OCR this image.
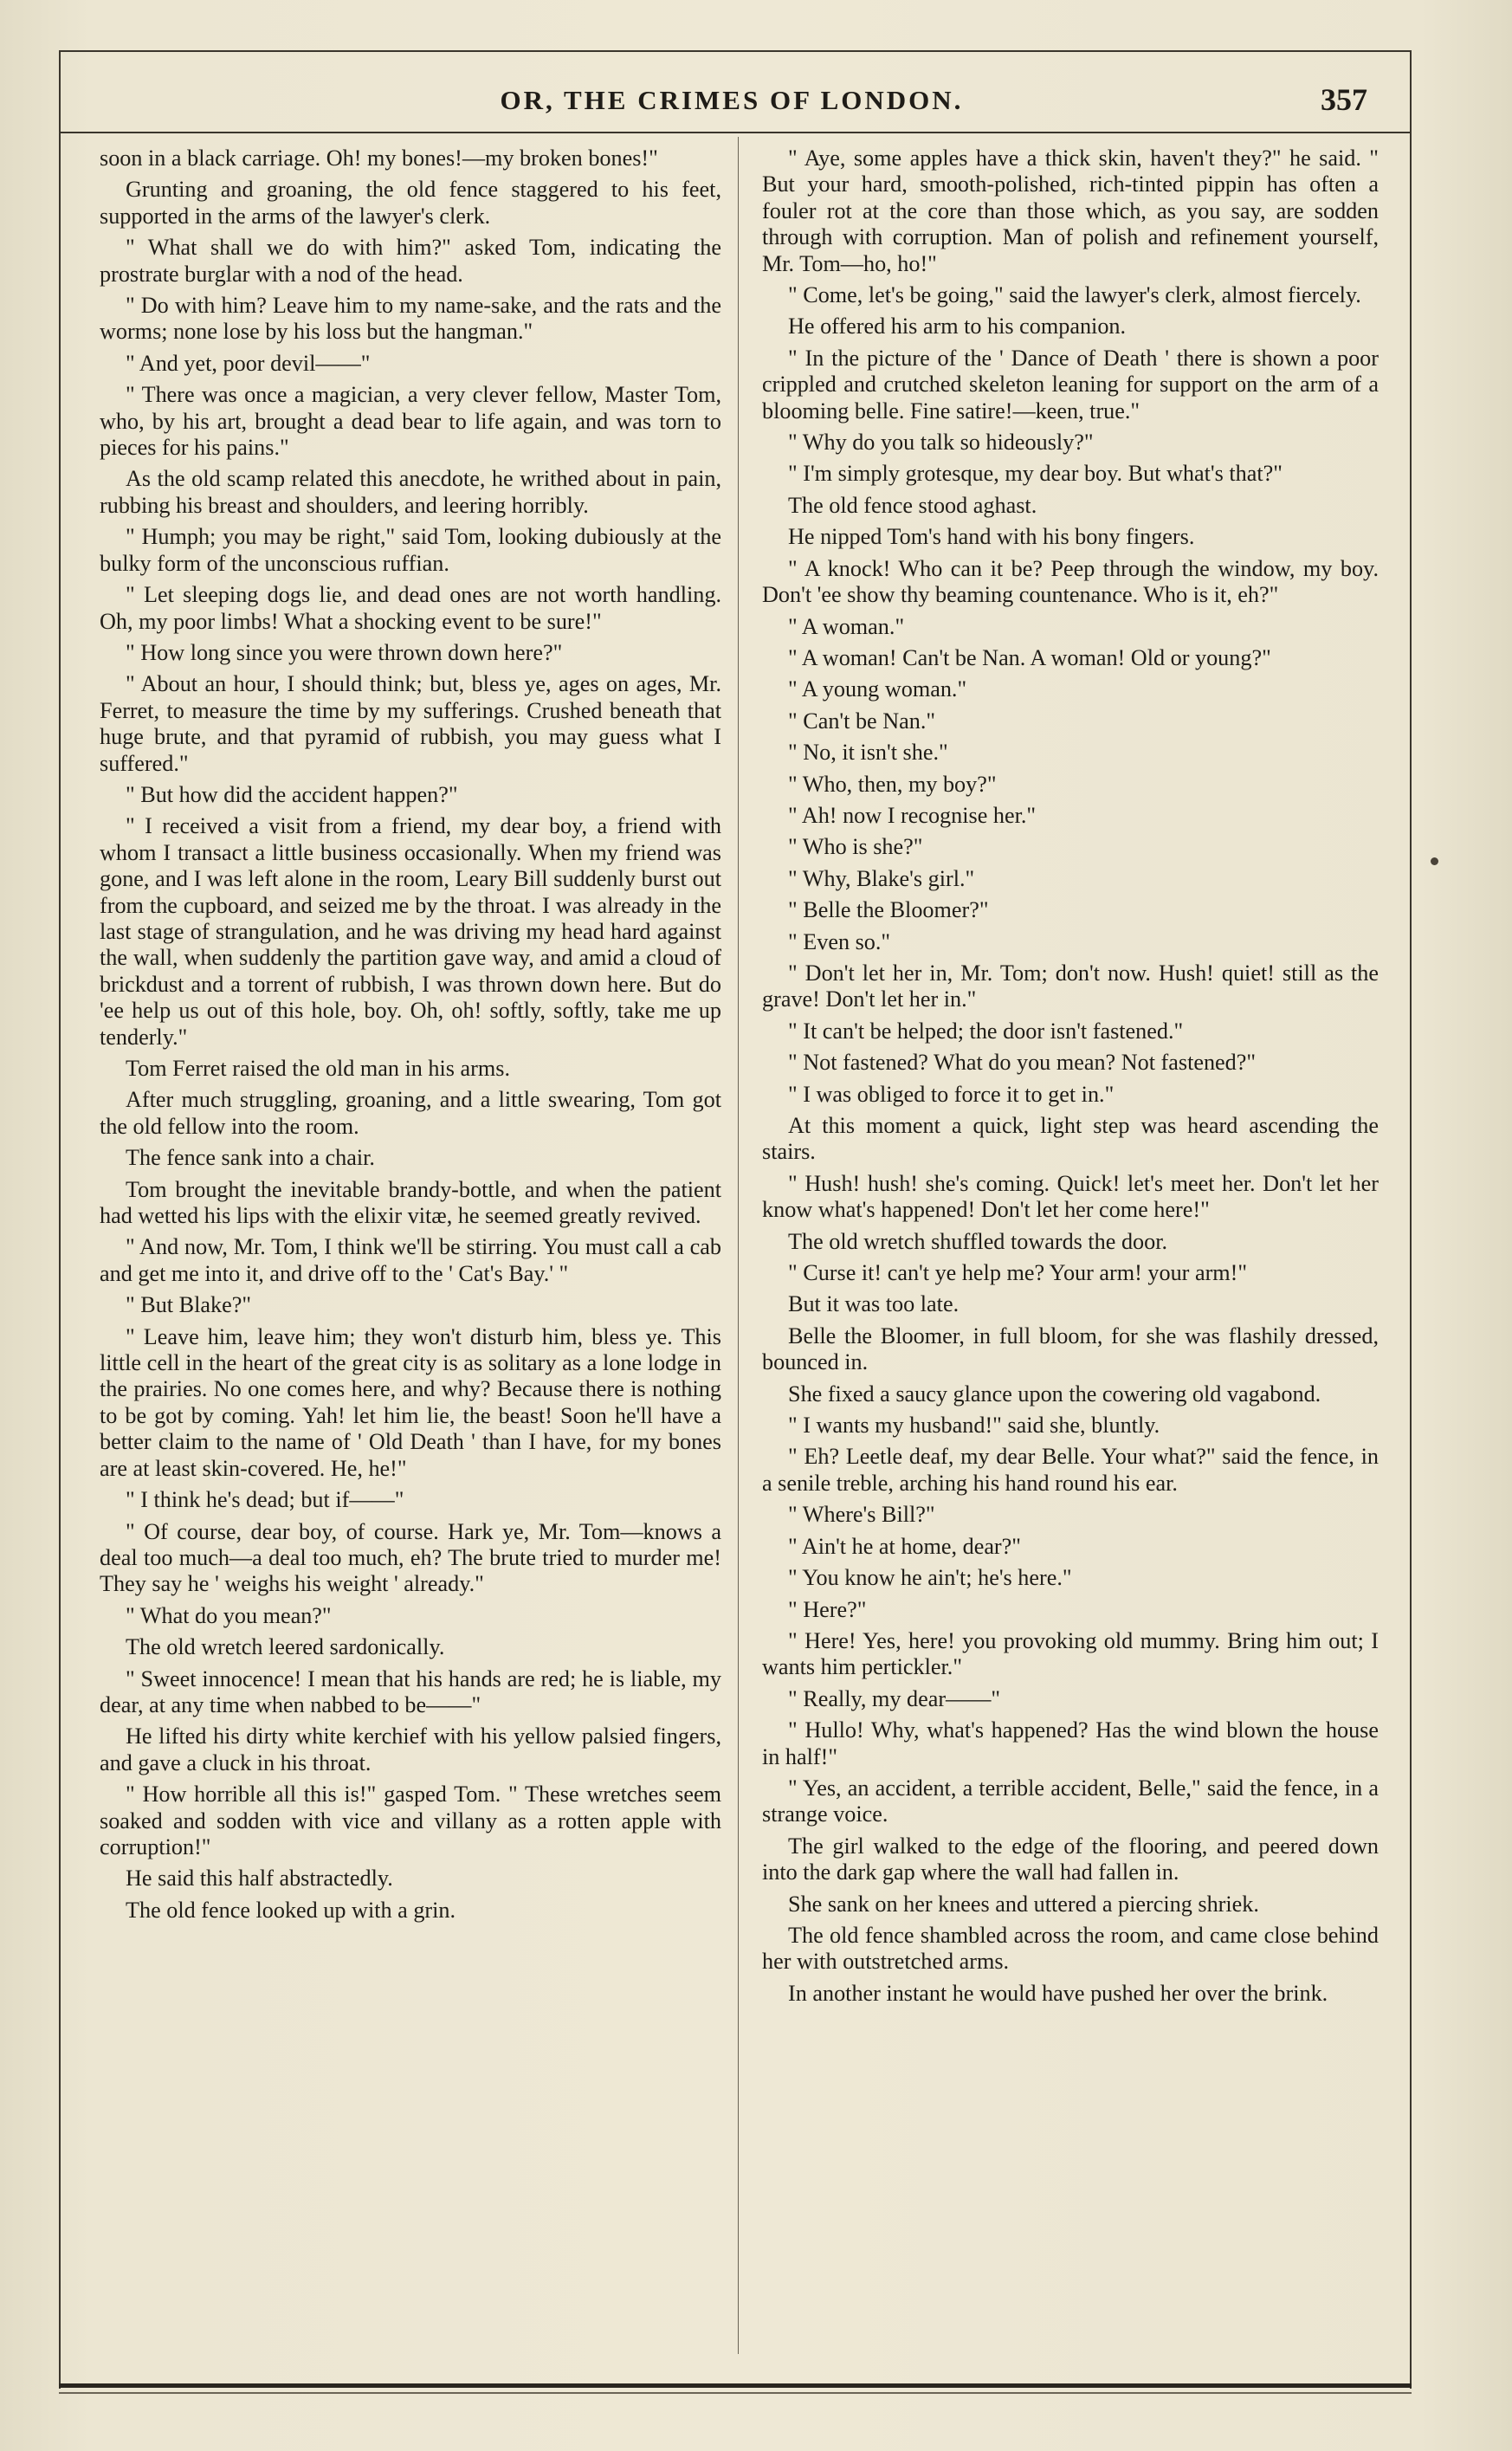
OR, THE CRIMES OF LONDON.	357

soon in a black carriage. Oh! my bones!—my broken bones!"

Grunting and groaning, the old fence staggered to his feet, supported in the arms of the lawyer's clerk.

" What shall we do with him?" asked Tom, indicating the prostrate burglar with a nod of the head.

" Do with him? Leave him to my name-sake, and the rats and the worms; none lose by his loss but the hangman."

" And yet, poor devil——"

" There was once a magician, a very clever fellow, Master Tom, who, by his art, brought a dead bear to life again, and was torn to pieces for his pains."

As the old scamp related this anecdote, he writhed about in pain, rubbing his breast and shoulders, and leering horribly.

" Humph; you may be right," said Tom, looking dubiously at the bulky form of the unconscious ruffian.

" Let sleeping dogs lie, and dead ones are not worth handling. Oh, my poor limbs! What a shocking event to be sure!"

" How long since you were thrown down here?"

" About an hour, I should think; but, bless ye, ages on ages, Mr. Ferret, to measure the time by my sufferings. Crushed beneath that huge brute, and that pyramid of rubbish, you may guess what I suffered."

" But how did the accident happen?"

" I received a visit from a friend, my dear boy, a friend with whom I transact a little business occasionally. When my friend was gone, and I was left alone in the room, Leary Bill suddenly burst out from the cupboard, and seized me by the throat. I was already in the last stage of strangulation, and he was driving my head hard against the wall, when suddenly the partition gave way, and amid a cloud of brickdust and a torrent of rubbish, I was thrown down here. But do 'ee help us out of this hole, boy. Oh, oh! softly, softly, take me up tenderly."

Tom Ferret raised the old man in his arms.

After much struggling, groaning, and a little swearing, Tom got the old fellow into the room.

The fence sank into a chair.

Tom brought the inevitable brandy-bottle, and when the patient had wetted his lips with the elixir vitæ, he seemed greatly revived.

" And now, Mr. Tom, I think we'll be stirring. You must call a cab and get me into it, and drive off to the ' Cat's Bay.' "

" But Blake?"

" Leave him, leave him; they won't disturb him, bless ye. This little cell in the heart of the great city is as solitary as a lone lodge in the prairies. No one comes here, and why? Because there is nothing to be got by coming. Yah! let him lie, the beast! Soon he'll have a better claim to the name of ' Old Death ' than I have, for my bones are at least skin-covered. He, he!"

" I think he's dead; but if——"

" Of course, dear boy, of course. Hark ye, Mr. Tom—knows a deal too much—a deal too much, eh? The brute tried to murder me! They say he ' weighs his weight ' already."

" What do you mean?"

The old wretch leered sardonically.

" Sweet innocence! I mean that his hands are red; he is liable, my dear, at any time when nabbed to be——"

He lifted his dirty white kerchief with his yellow palsied fingers, and gave a cluck in his throat.

" How horrible all this is!" gasped Tom. " These wretches seem soaked and sodden with vice and villany as a rotten apple with corruption!"

He said this half abstractedly.

The old fence looked up with a grin.

" Aye, some apples have a thick skin, haven't they?" he said. " But your hard, smooth-polished, rich-tinted pippin has often a fouler rot at the core than those which, as you say, are sodden through with corruption. Man of polish and refinement yourself, Mr. Tom—ho, ho!"

" Come, let's be going," said the lawyer's clerk, almost fiercely.

He offered his arm to his companion.

" In the picture of the ' Dance of Death ' there is shown a poor crippled and crutched skeleton leaning for support on the arm of a blooming belle. Fine satire!—keen, true."

" Why do you talk so hideously?"

" I'm simply grotesque, my dear boy. But what's that?"

The old fence stood aghast.

He nipped Tom's hand with his bony fingers.

" A knock! Who can it be? Peep through the window, my boy. Don't 'ee show thy beaming countenance. Who is it, eh?"

" A woman."

" A woman! Can't be Nan. A woman! Old or young?"

" A young woman."

" Can't be Nan."

" No, it isn't she."

" Who, then, my boy?"

" Ah! now I recognise her."

" Who is she?"

" Why, Blake's girl."

" Belle the Bloomer?"

" Even so."

" Don't let her in, Mr. Tom; don't now. Hush! quiet! still as the grave! Don't let her in."

" It can't be helped; the door isn't fastened."

" Not fastened? What do you mean? Not fastened?"

" I was obliged to force it to get in."

At this moment a quick, light step was heard ascending the stairs.

" Hush! hush! she's coming. Quick! let's meet her. Don't let her know what's happened! Don't let her come here!"

The old wretch shuffled towards the door.

" Curse it! can't ye help me? Your arm! your arm!"

But it was too late.

Belle the Bloomer, in full bloom, for she was flashily dressed, bounced in.

She fixed a saucy glance upon the cowering old vagabond.

" I wants my husband!" said she, bluntly.

" Eh? Leetle deaf, my dear Belle. Your what?" said the fence, in a senile treble, arching his hand round his ear.

" Where's Bill?"

" Ain't he at home, dear?"

" You know he ain't; he's here."

" Here?"

" Here! Yes, here! you provoking old mummy. Bring him out; I wants him pertickler."

" Really, my dear——"

" Hullo! Why, what's happened? Has the wind blown the house in half!"

" Yes, an accident, a terrible accident, Belle," said the fence, in a strange voice.

The girl walked to the edge of the flooring, and peered down into the dark gap where the wall had fallen in.

She sank on her knees and uttered a piercing shriek.

The old fence shambled across the room, and came close behind her with outstretched arms.

In another instant he would have pushed her over the brink.
